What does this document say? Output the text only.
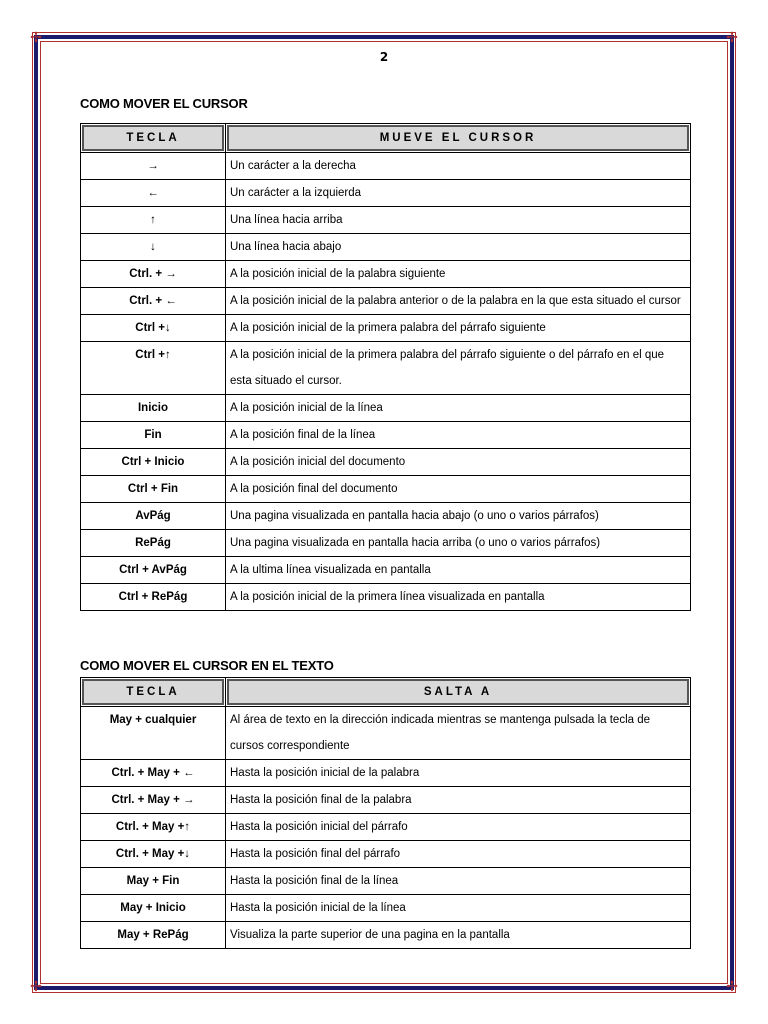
✢	✢
✢	✢
2
COMO MOVER EL CURSOR
TECLA	MUEVE EL CURSOR
→	Un carácter a la derecha
←	Un carácter a la izquierda
↑	Una línea hacia arriba
↓	Una línea hacia abajo
Ctrl. + →	A la posición inicial de la palabra siguiente
Ctrl. + ←	A la posición inicial de la palabra anterior o de la palabra en la que esta situado el cursor
Ctrl +↓	A la posición inicial de la primera palabra del párrafo siguiente
Ctrl +↑	A la posición inicial de la primera palabra del párrafo siguiente o del párrafo en el que esta situado el cursor.
Inicio	A la posición inicial de la línea
Fin	A la posición final de la línea
Ctrl + Inicio	A la posición inicial del documento
Ctrl + Fin	A la posición final del documento
AvPág	Una pagina visualizada en pantalla hacia abajo (o uno o varios párrafos)
RePág	Una pagina visualizada en pantalla hacia arriba (o uno o varios párrafos)
Ctrl + AvPág	A la ultima línea visualizada en pantalla
Ctrl + RePág	A la posición inicial de la primera línea visualizada en pantalla
COMO MOVER EL CURSOR EN EL TEXTO
TECLA	SALTA A
May + cualquier	Al área de texto en la dirección indicada mientras se mantenga pulsada la tecla de cursos correspondiente
Ctrl. + May + ←	Hasta la posición inicial de la palabra
Ctrl. + May + →	Hasta la posición final de la palabra
Ctrl. + May +↑	Hasta la posición inicial del párrafo
Ctrl. + May +↓	Hasta la posición final del párrafo
May + Fin	Hasta la posición final de la línea
May + Inicio	Hasta la posición inicial de la línea
May + RePág	Visualiza la parte superior de una pagina en la pantalla
